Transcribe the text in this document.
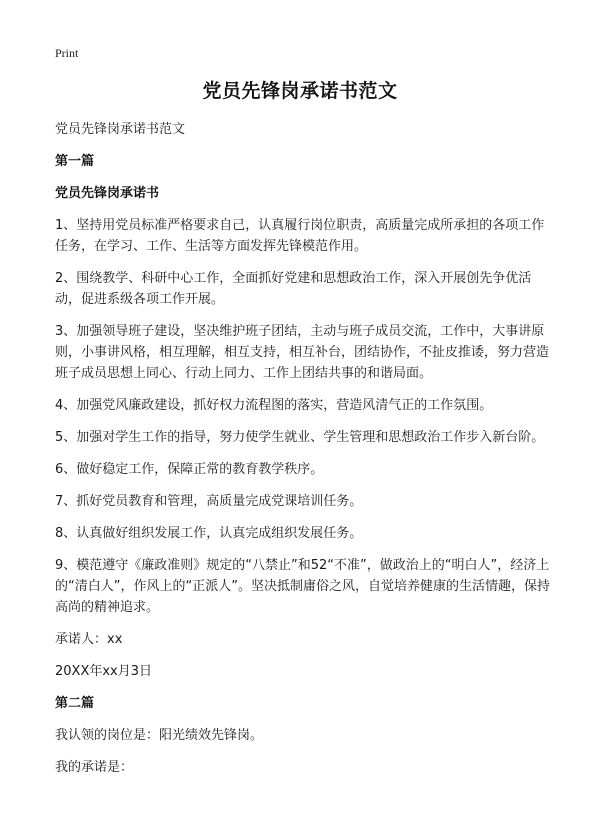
Print
党员先锋岗承诺书范文

党员先锋岗承诺书范文

第一篇

党员先锋岗承诺书

1、坚持用党员标准严格要求自己，认真履行岗位职责，高质量完成所承担的各项工作任务，在学习、工作、生活等方面发挥先锋模范作用。

2、围绕教学、科研中心工作，全面抓好党建和思想政治工作，深入开展创先争优活动，促进系级各项工作开展。

3、加强领导班子建设，坚决维护班子团结，主动与班子成员交流，工作中，大事讲原则，小事讲风格，相互理解，相互支持，相互补台，团结协作，不扯皮推诿，努力营造班子成员思想上同心、行动上同力、工作上团结共事的和谐局面。

4、加强党风廉政建设，抓好权力流程图的落实，营造风清气正的工作氛围。

5、加强对学生工作的指导，努力使学生就业、学生管理和思想政治工作步入新台阶。

6、做好稳定工作，保障正常的教育教学秩序。

7、抓好党员教育和管理，高质量完成党课培训任务。

8、认真做好组织发展工作，认真完成组织发展任务。

9、模范遵守《廉政准则》规定的“八禁止”和52“不准”，做政治上的“明白人”，经济上的“清白人”，作风上的“正派人”。坚决抵制庸俗之风，自觉培养健康的生活情趣，保持高尚的精神追求。

承诺人：xx

20XX年xx月3日

第二篇

我认领的岗位是：阳光绩效先锋岗。

我的承诺是：
